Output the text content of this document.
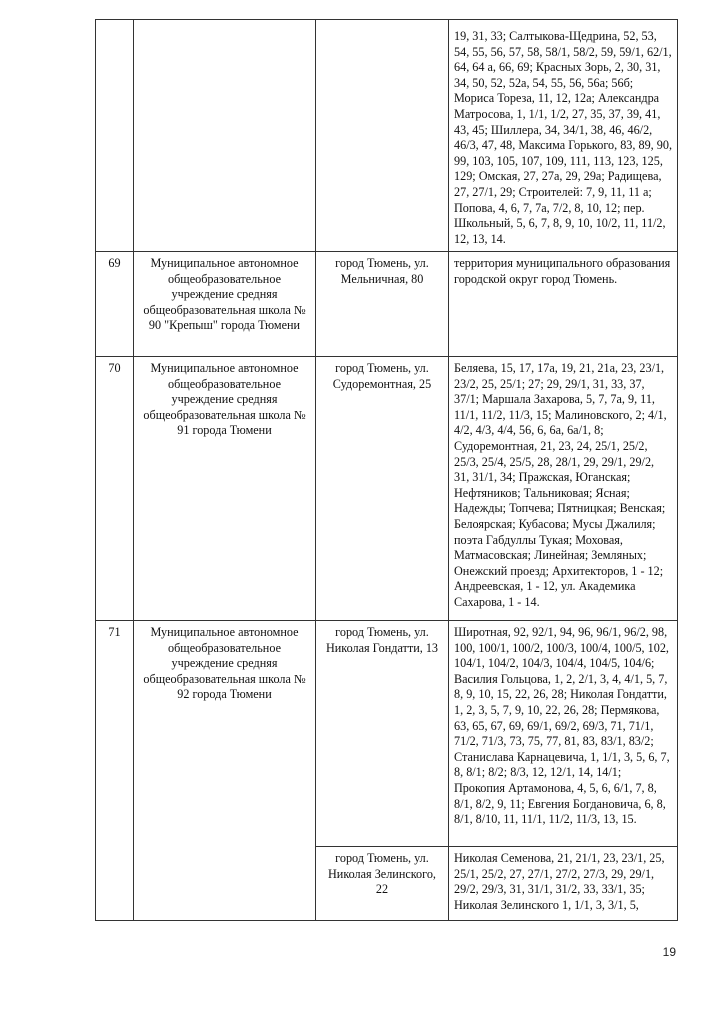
			19, 31, 33; Салтыкова-Щедрина, 52, 53, 54, 55, 56, 57, 58, 58/1, 58/2, 59, 59/1, 62/1, 64, 64 а, 66, 69; Красных Зорь, 2, 30, 31, 34, 50, 52, 52а, 54, 55, 56, 56а; 56б; Мориса Тореза, 11, 12, 12а; Александра Матросова, 1, 1/1, 1/2, 27, 35, 37, 39, 41, 43, 45; Шиллера, 34, 34/1, 38, 46, 46/2, 46/3, 47, 48, Максима Горького, 83, 89, 90, 99, 103, 105, 107, 109, 111, 113, 123, 125, 129; Омская, 27, 27а, 29, 29а; Радищева, 27, 27/1, 29; Строителей: 7, 9, 11, 11 а; Попова, 4, 6, 7, 7а, 7/2, 8, 10, 12; пер. Школьный, 5, 6, 7, 8, 9, 10, 10/2, 11, 11/2, 12, 13, 14.
69	Муниципальное автономное общеобразовательное учреждение средняя общеобразовательная школа № 90 "Крепыш" города Тюмени	город Тюмень, ул. Мельничная, 80	территория муниципального образования городской округ город Тюмень.
70	Муниципальное автономное общеобразовательное учреждение средняя общеобразовательная школа № 91 города Тюмени	город Тюмень, ул. Судоремонтная, 25	Беляева, 15, 17, 17а, 19, 21, 21а, 23, 23/1, 23/2, 25, 25/1; 27; 29, 29/1, 31, 33, 37, 37/1; Маршала Захарова, 5, 7, 7а, 9, 11, 11/1, 11/2, 11/3, 15; Малиновского, 2; 4/1, 4/2, 4/3, 4/4, 56, 6, 6а, 6а/1, 8; Судоремонтная, 21, 23, 24, 25/1, 25/2, 25/3, 25/4, 25/5, 28, 28/1, 29, 29/1, 29/2, 31, 31/1, 34; Пражская, Юганская; Нефтяников; Тальниковая; Ясная; Надежды; Топчева; Пятницкая; Венская; Белоярская; Кубасова; Мусы Джалиля; поэта Габдуллы Тукая; Моховая, Матмасовская; Линейная; Земляных; Онежский проезд; Архитекторов, 1 - 12; Андреевская, 1 - 12, ул. Академика Сахарова, 1 - 14.
71	Муниципальное автономное общеобразовательное учреждение средняя общеобразовательная школа № 92 города Тюмени	город Тюмень, ул. Николая Гондатти, 13	Широтная, 92, 92/1, 94, 96, 96/1, 96/2, 98, 100, 100/1, 100/2, 100/3, 100/4, 100/5, 102, 104/1, 104/2, 104/3, 104/4, 104/5, 104/6; Василия Гольцова, 1, 2, 2/1, 3, 4, 4/1, 5, 7, 8, 9, 10, 15, 22, 26, 28; Николая Гондатти, 1, 2, 3, 5, 7, 9, 10, 22, 26, 28; Пермякова, 63, 65, 67, 69, 69/1, 69/2, 69/3, 71, 71/1, 71/2, 71/3, 73, 75, 77, 81, 83, 83/1, 83/2; Станислава Карнацевича, 1, 1/1, 3, 5, 6, 7, 8, 8/1; 8/2; 8/3, 12, 12/1, 14, 14/1; Прокопия Артамонова, 4, 5, 6, 6/1, 7, 8, 8/1, 8/2, 9, 11; Евгения Богдановича, 6, 8, 8/1, 8/10, 11, 11/1, 11/2, 11/3, 13, 15.
		город Тюмень, ул. Николая Зелинского, 22	Николая Семенова, 21, 21/1, 23, 23/1, 25, 25/1, 25/2, 27, 27/1, 27/2, 27/3, 29, 29/1, 29/2, 29/3, 31, 31/1, 31/2, 33, 33/1, 35; Николая Зелинского 1, 1/1, 3, 3/1, 5,
19
